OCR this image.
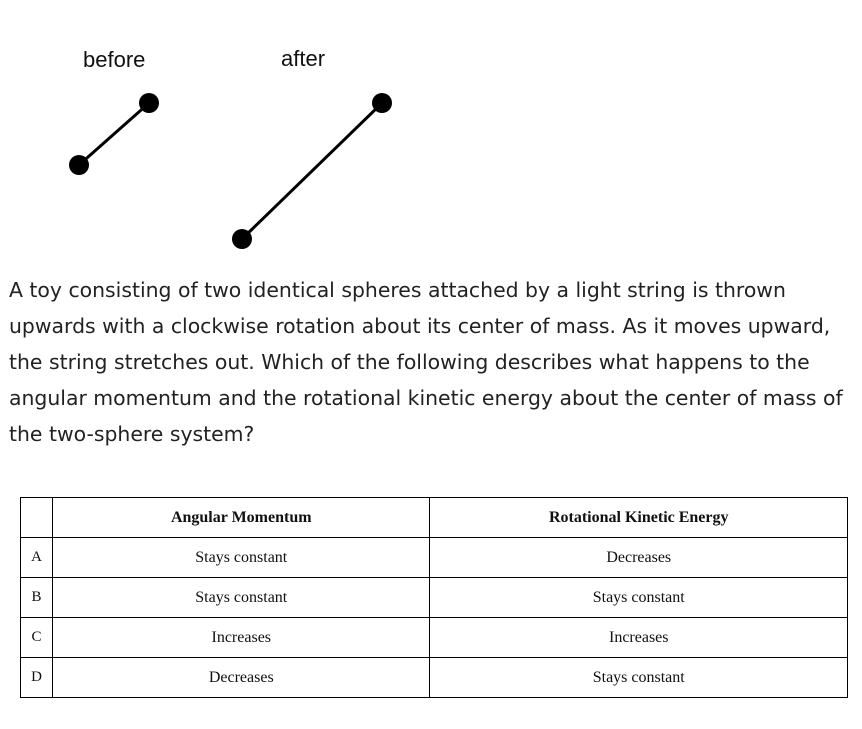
before	after

A toy consisting of two identical spheres attached by a light string is thrown upwards with a clockwise rotation about its center of mass. As it moves upward, the string stretches out. Which of the following describes what happens to the angular momentum and the rotational kinetic energy about the center of mass of the two-sphere system?

	Angular Momentum	Rotational Kinetic Energy
A	Stays constant	Decreases
B	Stays constant	Stays constant
C	Increases	Increases
D	Decreases	Stays constant
